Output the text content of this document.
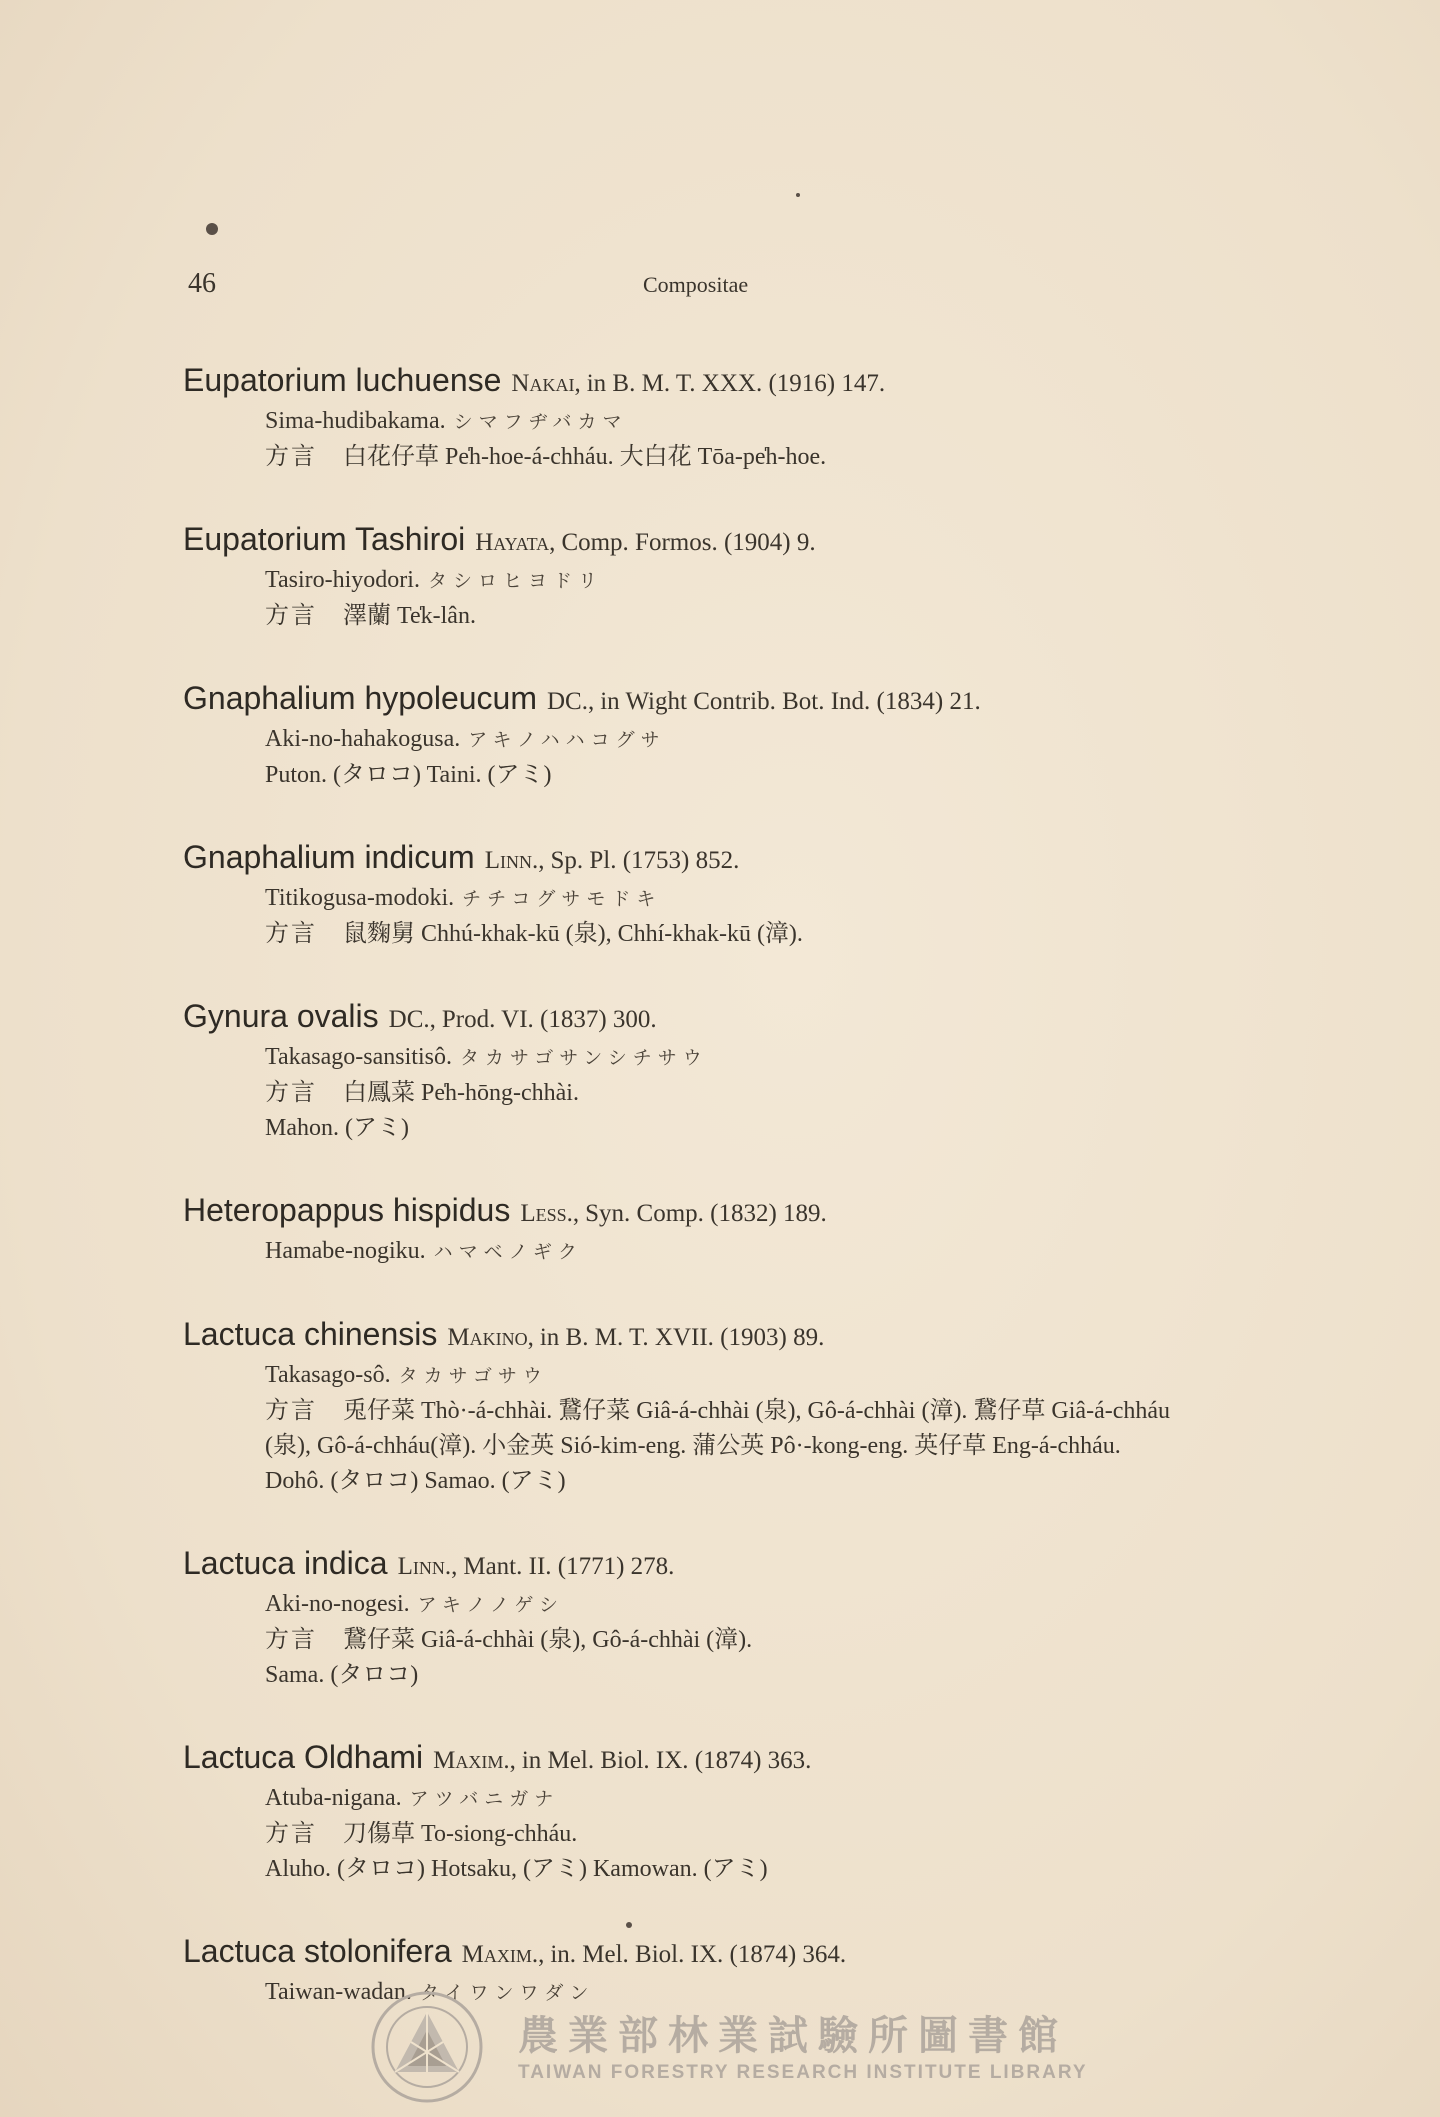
46	Compositae
Eupatorium luchuense Nakai, in B. M. T. XXX. (1916) 147.
Sima-hudibakama. シマフヂバカマ
方言 白花仔草 Pe̍h-hoe-á-chháu. 大白花 Tōa-pe̍h-hoe.
Eupatorium Tashiroi Hayata, Comp. Formos. (1904) 9.
Tasiro-hiyodori. タシロヒヨドリ
方言 澤蘭 Te̍k-lân.
Gnaphalium hypoleucum DC., in Wight Contrib. Bot. Ind. (1834) 21.
Aki-no-hahakogusa. アキノハハコグサ
Puton. (タロコ) Taini. (アミ)
Gnaphalium indicum Linn., Sp. Pl. (1753) 852.
Titikogusa-modoki. チチコグサモドキ
方言 鼠麴舅 Chhú-khak-kū (泉), Chhí-khak-kū (漳).
Gynura ovalis DC., Prod. VI. (1837) 300.
Takasago-sansitisô. タカサゴサンシチサウ
方言 白鳳菜 Pe̍h-hōng-chhài.
Mahon. (アミ)
Heteropappus hispidus Less., Syn. Comp. (1832) 189.
Hamabe-nogiku. ハマベノギク
Lactuca chinensis Makino, in B. M. T. XVII. (1903) 89.
Takasago-sô. タカサゴサウ
方言 兎仔菜 Thò·-á-chhài. 鵞仔菜 Giâ-á-chhài (泉), Gô-á-chhài (漳). 鵞仔草 Giâ-á-chháu (泉), Gô-á-chháu(漳). 小金英 Sió-kim-eng. 蒲公英 Pô·-kong-eng. 英仔草 Eng-á-chháu.
Dohô. (タロコ) Samao. (アミ)
Lactuca indica Linn., Mant. II. (1771) 278.
Aki-no-nogesi. アキノノゲシ
方言 鵞仔菜 Giâ-á-chhài (泉), Gô-á-chhài (漳).
Sama. (タロコ)
Lactuca Oldhami Maxim., in Mel. Biol. IX. (1874) 363.
Atuba-nigana. アツバニガナ
方言 刀傷草 To-siong-chháu.
Aluho. (タロコ) Hotsaku, (アミ) Kamowan. (アミ)
Lactuca stolonifera Maxim., in. Mel. Biol. IX. (1874) 364.
Taiwan-wadan. タイワンワダン
農業部林業試驗所圖書館
TAIWAN FORESTRY RESEARCH INSTITUTE LIBRARY
